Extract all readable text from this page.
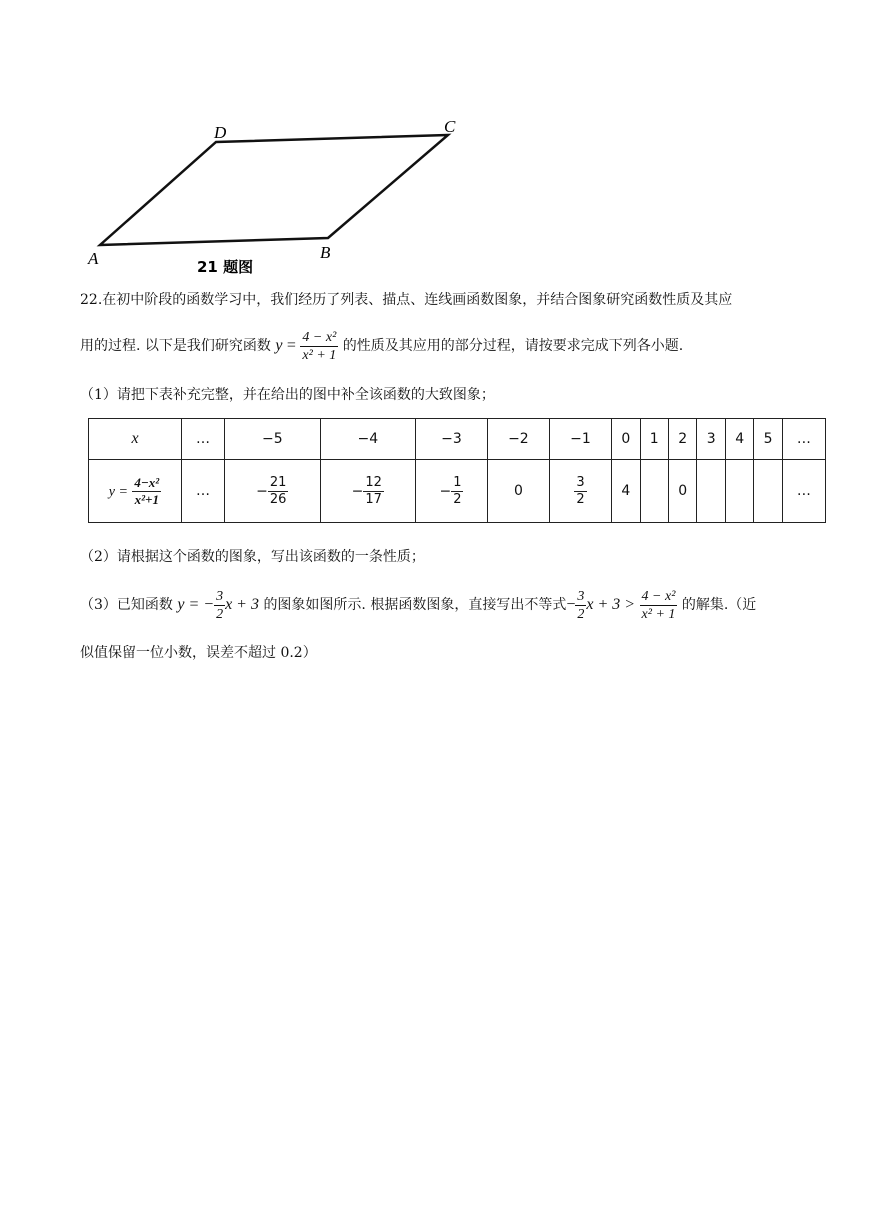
A	B
C
D
21 题图
22.在初中阶段的函数学习中，我们经历了列表、描点、连线画函数图象，并结合图象研究函数性质及其应
用的过程. 以下是我们研究函数 $y = \frac{\text{4 − x²}}{\text{x² + 1}}$ 的性质及其应用的部分过程，请按要求完成下列各小题.
（1）请把下表补充完整，并在给出的图中补全该函数的大致图象；
x	…	−5	−4	−3	−2	−1	0	1	2	3	4	5	…
$y = \frac{\text{4−x²}}{\text{x²+1}}$	…	− $\frac{21}{26}$	− $\frac{12}{17}$	− $\frac{1}{2}$	0	$\frac{3}{2}$	4		0				…
（2）请根据这个函数的图象，写出该函数的一条性质；
（3）已知函数 y = − $\frac{3}{2}$ x + 3 的图象如图所示. 根据函数图象，直接写出不等式− $\frac{3}{2}$ $x + 3 > \frac{\text{4 − x²}}{\text{x² + 1}}$ 的解集.（近
似值保留一位小数，误差不超过 0.2）
